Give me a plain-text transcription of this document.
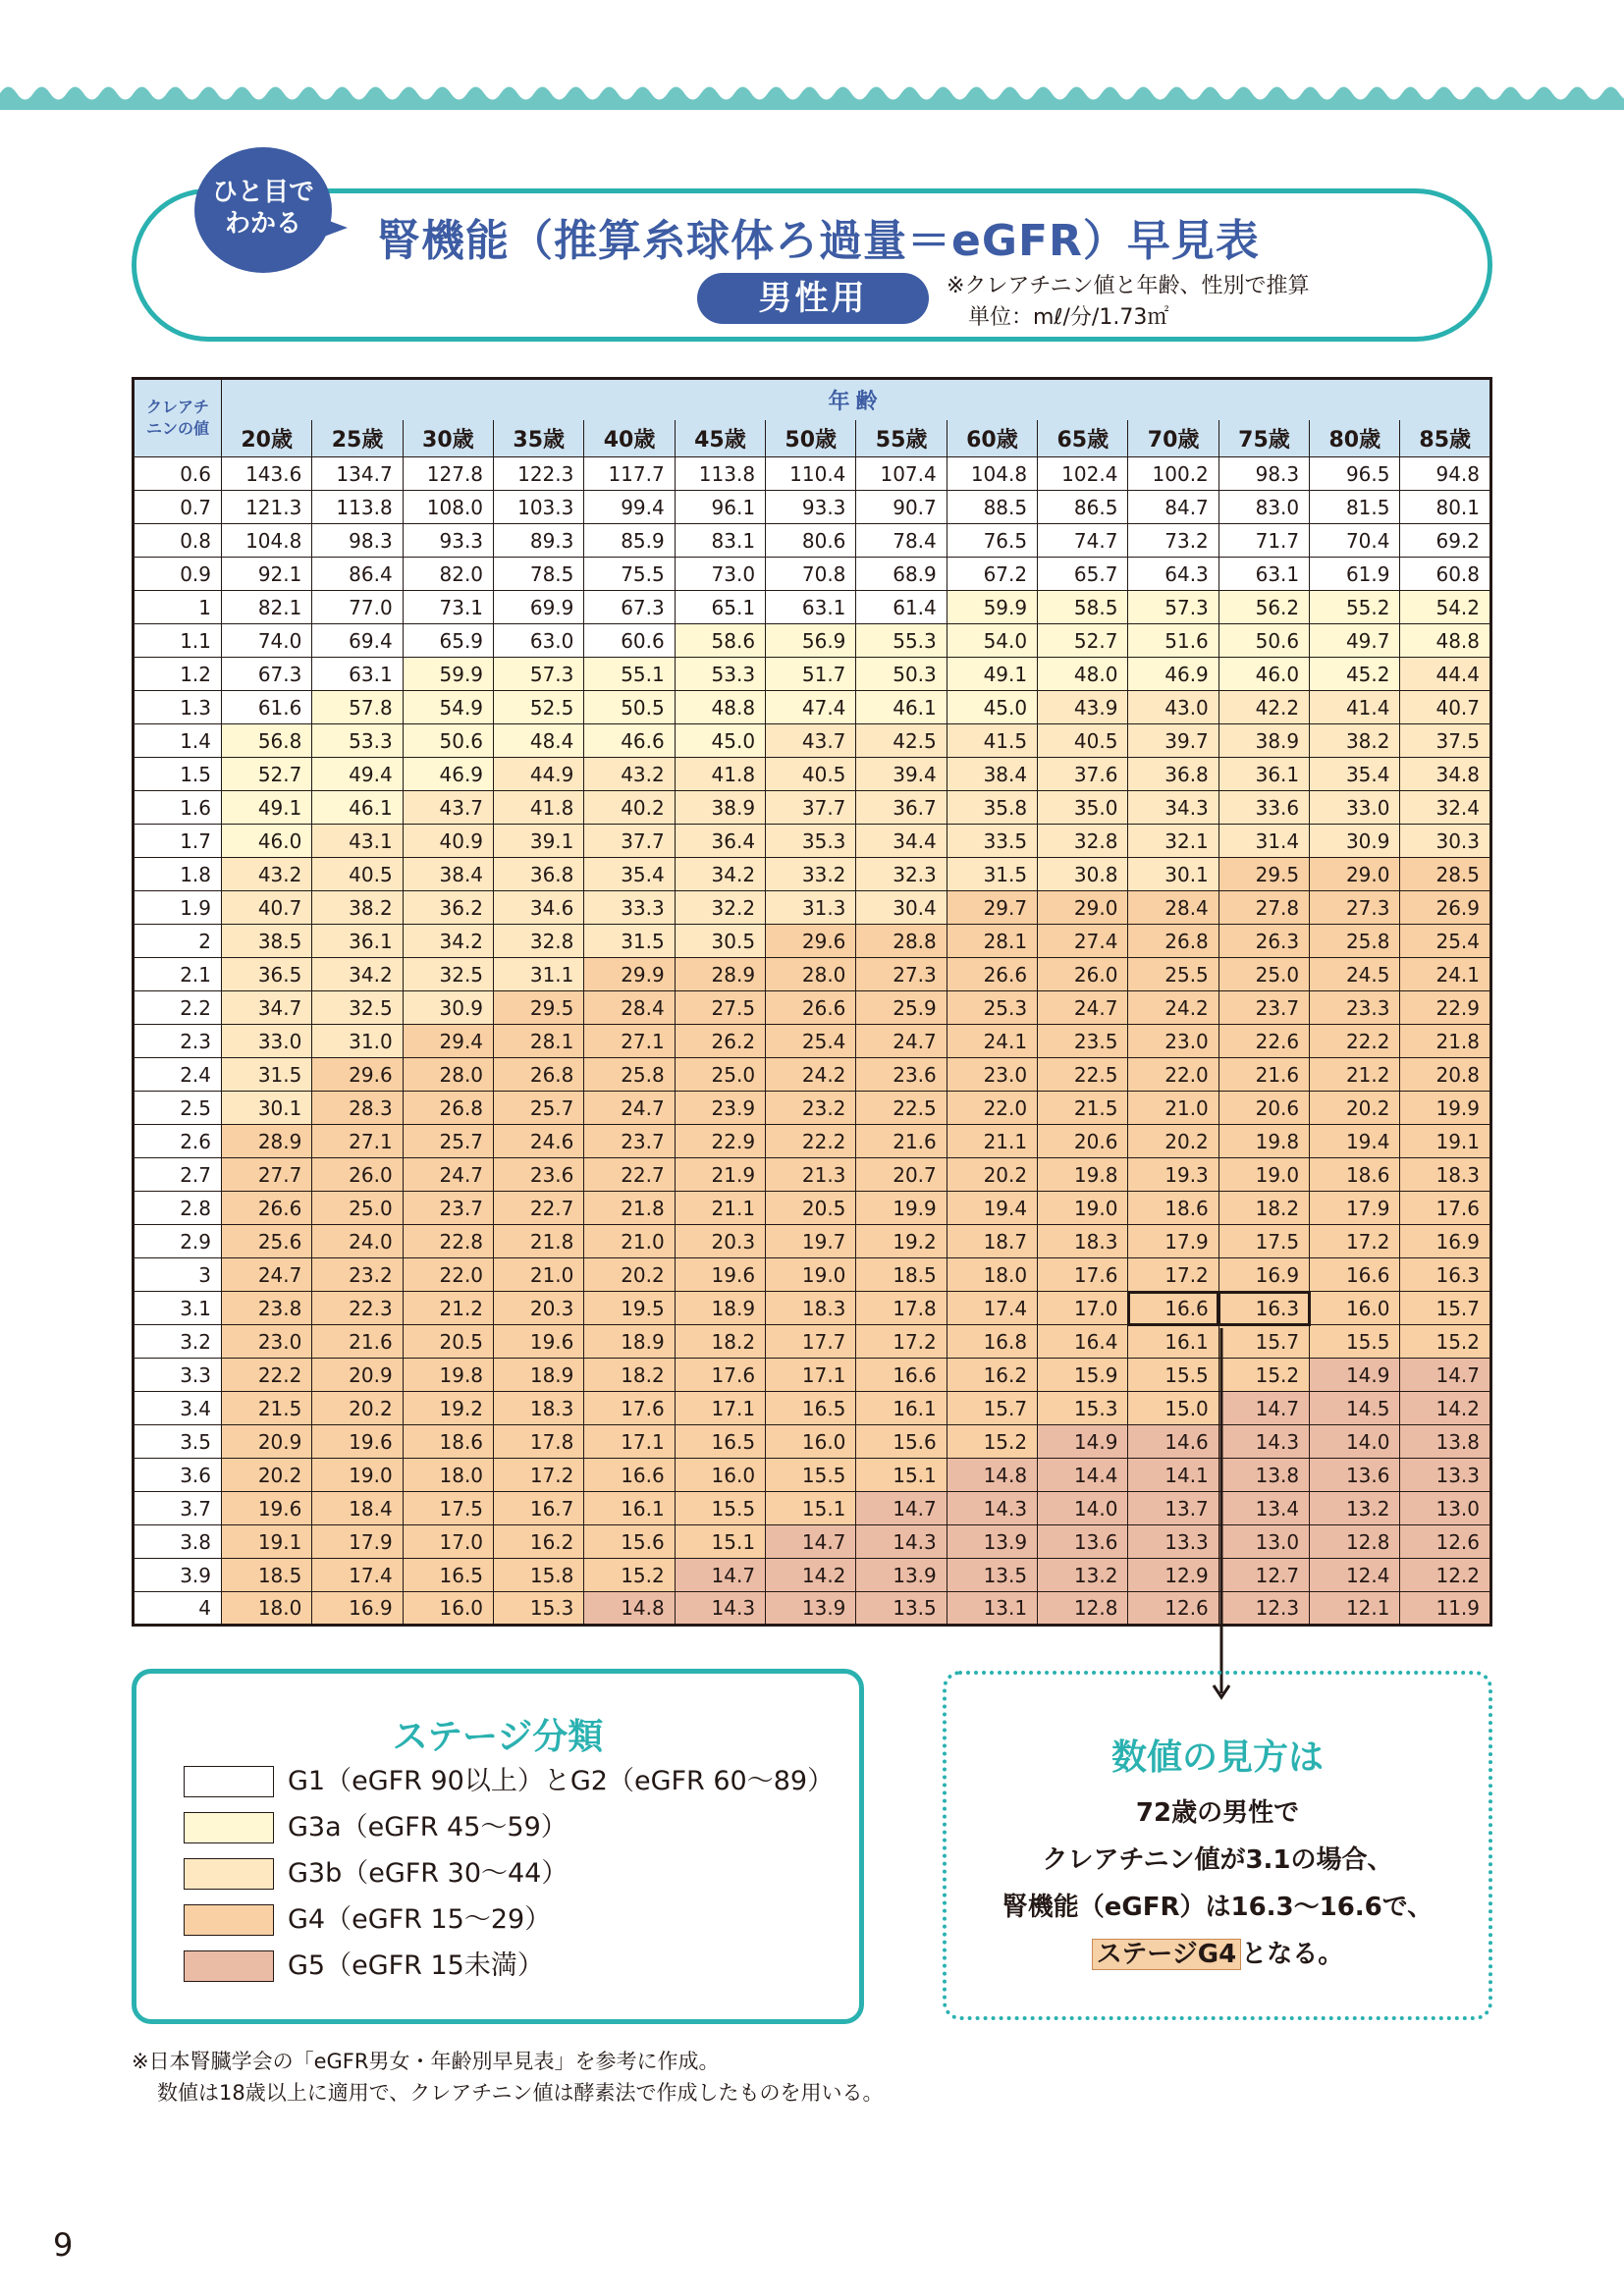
ひと目で
わかる	腎機能（推算糸球体ろ過量＝eGFR）早見表
男性用	※クレアチニン値と年齢、性別で推算
単位：mℓ/分/1.73㎡
クレアチ
ニンの値	年齢													
	20歳	25歳	30歳	35歳	40歳	45歳	50歳	55歳	60歳	65歳	70歳	75歳	80歳	85歳
0.6	143.6	134.7	127.8	122.3	117.7	113.8	110.4	107.4	104.8	102.4	100.2	98.3	96.5	94.8
0.7	121.3	113.8	108.0	103.3	99.4	96.1	93.3	90.7	88.5	86.5	84.7	83.0	81.5	80.1
0.8	104.8	98.3	93.3	89.3	85.9	83.1	80.6	78.4	76.5	74.7	73.2	71.7	70.4	69.2
0.9	92.1	86.4	82.0	78.5	75.5	73.0	70.8	68.9	67.2	65.7	64.3	63.1	61.9	60.8
1	82.1	77.0	73.1	69.9	67.3	65.1	63.1	61.4	59.9	58.5	57.3	56.2	55.2	54.2
1.1	74.0	69.4	65.9	63.0	60.6	58.6	56.9	55.3	54.0	52.7	51.6	50.6	49.7	48.8
1.2	67.3	63.1	59.9	57.3	55.1	53.3	51.7	50.3	49.1	48.0	46.9	46.0	45.2	44.4
1.3	61.6	57.8	54.9	52.5	50.5	48.8	47.4	46.1	45.0	43.9	43.0	42.2	41.4	40.7
1.4	56.8	53.3	50.6	48.4	46.6	45.0	43.7	42.5	41.5	40.5	39.7	38.9	38.2	37.5
1.5	52.7	49.4	46.9	44.9	43.2	41.8	40.5	39.4	38.4	37.6	36.8	36.1	35.4	34.8
1.6	49.1	46.1	43.7	41.8	40.2	38.9	37.7	36.7	35.8	35.0	34.3	33.6	33.0	32.4
1.7	46.0	43.1	40.9	39.1	37.7	36.4	35.3	34.4	33.5	32.8	32.1	31.4	30.9	30.3
1.8	43.2	40.5	38.4	36.8	35.4	34.2	33.2	32.3	31.5	30.8	30.1	29.5	29.0	28.5
1.9	40.7	38.2	36.2	34.6	33.3	32.2	31.3	30.4	29.7	29.0	28.4	27.8	27.3	26.9
2	38.5	36.1	34.2	32.8	31.5	30.5	29.6	28.8	28.1	27.4	26.8	26.3	25.8	25.4
2.1	36.5	34.2	32.5	31.1	29.9	28.9	28.0	27.3	26.6	26.0	25.5	25.0	24.5	24.1
2.2	34.7	32.5	30.9	29.5	28.4	27.5	26.6	25.9	25.3	24.7	24.2	23.7	23.3	22.9
2.3	33.0	31.0	29.4	28.1	27.1	26.2	25.4	24.7	24.1	23.5	23.0	22.6	22.2	21.8
2.4	31.5	29.6	28.0	26.8	25.8	25.0	24.2	23.6	23.0	22.5	22.0	21.6	21.2	20.8
2.5	30.1	28.3	26.8	25.7	24.7	23.9	23.2	22.5	22.0	21.5	21.0	20.6	20.2	19.9
2.6	28.9	27.1	25.7	24.6	23.7	22.9	22.2	21.6	21.1	20.6	20.2	19.8	19.4	19.1
2.7	27.7	26.0	24.7	23.6	22.7	21.9	21.3	20.7	20.2	19.8	19.3	19.0	18.6	18.3
2.8	26.6	25.0	23.7	22.7	21.8	21.1	20.5	19.9	19.4	19.0	18.6	18.2	17.9	17.6
2.9	25.6	24.0	22.8	21.8	21.0	20.3	19.7	19.2	18.7	18.3	17.9	17.5	17.2	16.9
3	24.7	23.2	22.0	21.0	20.2	19.6	19.0	18.5	18.0	17.6	17.2	16.9	16.6	16.3
3.1	23.8	22.3	21.2	20.3	19.5	18.9	18.3	17.8	17.4	17.0	16.6	16.3	16.0	15.7
3.2	23.0	21.6	20.5	19.6	18.9	18.2	17.7	17.2	16.8	16.4	16.1	15.7	15.5	15.2
3.3	22.2	20.9	19.8	18.9	18.2	17.6	17.1	16.6	16.2	15.9	15.5	15.2	14.9	14.7
3.4	21.5	20.2	19.2	18.3	17.6	17.1	16.5	16.1	15.7	15.3	15.0	14.7	14.5	14.2
3.5	20.9	19.6	18.6	17.8	17.1	16.5	16.0	15.6	15.2	14.9	14.6	14.3	14.0	13.8
3.6	20.2	19.0	18.0	17.2	16.6	16.0	15.5	15.1	14.8	14.4	14.1	13.8	13.6	13.3
3.7	19.6	18.4	17.5	16.7	16.1	15.5	15.1	14.7	14.3	14.0	13.7	13.4	13.2	13.0
3.8	19.1	17.9	17.0	16.2	15.6	15.1	14.7	14.3	13.9	13.6	13.3	13.0	12.8	12.6
3.9	18.5	17.4	16.5	15.8	15.2	14.7	14.2	13.9	13.5	13.2	12.9	12.7	12.4	12.2
4	18.0	16.9	16.0	15.3	14.8	14.3	13.9	13.5	13.1	12.8	12.6	12.3	12.1	11.9
ステージ分類
G1（eGFR 90以上）とG2（eGFR 60〜89）
G3a（eGFR 45〜59）
G3b（eGFR 30〜44）
G4（eGFR 15〜29）
G5（eGFR 15未満）
数値の見方は
72歳の男性で
クレアチニン値が3.1の場合、
腎機能（eGFR）は16.3〜16.6で、
ステージG4 となる。
※日本腎臓学会の「eGFR男女・年齢別早見表」を参考に作成。
数値は18歳以上に適用で、クレアチニン値は酵素法で作成したものを用いる。
9
